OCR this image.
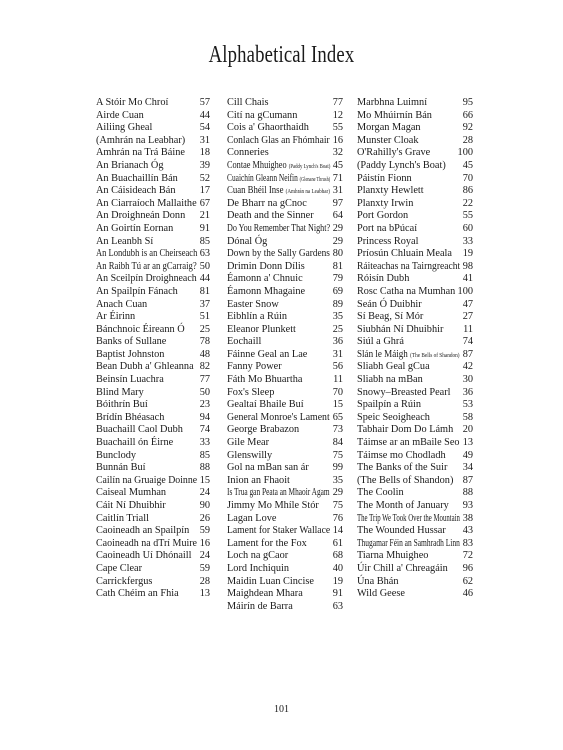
Alphabetical Index
A Stóir Mo Chroí	57
Airde Cuan	44
Ailiing Gheal	54
(Amhrán na Leabhar) 31
Amhrán na Trá Báine 18
An Brianach Óg	39
An Buachaillín Bán 52
An Cáisideach Bán 17
An Ciarraíoch Mallaithe 67
An Droighneán Donn 21
An Goirtín Eornan	91
An Leanbh Sí	85
An Londubh is an Cheirseach 63
An Raibh Tú ar an gCarraig? 50
An Sceilpín Droighneach 44
An Spailpín Fánach 81
Anach Cuan	37
Ar Éirinn	51
Bánchnoic Éireann Ó 25
Banks of Sullane	78
Baptist Johnston	48
Bean Dubh a' Ghleanna 82
Beinsín Luachra	77
Blind Mary	50
Bóithrín Buí	23
Brídín Bhéasach	94
Buachaill Caol Dubh 74
Buachaill ón Éirne	33
Bunclody	85
Bunnán Buí	88
Cailín na Gruaige Doinne 15
Caiseal Mumhan	24
Cáit Ní Dhuibhir	90
Caitlín Triall	26
Caoineadh an Spailpín 59
Caoineadh na dTrí Muire 16
Caoineadh Uí Dhónaill 24
Cape Clear	59
Carrickfergus	28
Cath Chéim an Fhia 13
Cill Chais	77
Cití na gCumann	12
Cois a' Ghaorthaidh 55
Conlach Glas an Fhómhair 16
Conneries	32
Contae Mhuigheo (Paddy Lynch's Boat) 45
Cuaichín Gleann Neifin (Glenane Thrush) 71
Cuan Bhéil Inse (Amhrán na Leabhar) 31
De Bharr na gCnoc	97
Death and the Sinner 64
Do You Remember That Night? 29
Dónal Óg	29
Down by the Sally Gardens 80
Drimin Donn Dílis	81
Éamonn a' Chnuic	79
Éamonn Mhagaine	69
Easter Snow	89
Eibhlín a Rúin	35
Eleanor Plunkett	25
Eochaill	36
Fáinne Geal an Lae 31
Fanny Power	56
Fáth Mo Bhuartha	11
Fox's Sleep	70
Gealtaí Bhaile Buí	15
General Monroe's Lament 65
George Brabazon	73
Gile Mear	84
Glenswilly	75
Gol na mBan san ár 99
Inion an Fhaoit	35
Is Trua gan Peata an Mhaoir Agam 29
Jimmy Mo Mhíle Stór 75
Lagan Love	76
Lament for Staker Wallace 14
Lament for the Fox	61
Loch na gCaor	68
Lord Inchiquin	40
Maidin Luan Cincise 19
Maighdean Mhara	91
Máirín de Barra	63
Marbhna Luimní	95
Mo Mhúirnín Bán	66
Morgan Magan	92
Munster Cloak	28
O'Rahilly's Grave	100
(Paddy Lynch's Boat) 45
Páistín Fionn	70
Planxty Hewlett	86
Planxty Irwin	22
Port Gordon	55
Port na bPúcaí	60
Princess Royal	33
Príosún Chluain Meala 19
Ráiteachas na Tairngreacht 98
Róisín Dubh	41
Rosc Catha na Mumhan 100
Seán Ó Duibhir	47
Sí Beag, Sí Mór	27
Siubhán Ní Dhuibhir 11
Siúl a Ghrá	74
Slán le Máigh (The Bells of Shandon) 87
Sliabh Geal gCua	42
Sliabh na mBan	30
Snowy–Breasted Pearl 36
Spailpín a Rúin	53
Speic Seoigheach	58
Tabhair Dom Do Lámh 20
Táimse ar an mBaile Seo 13
Táimse mo Chodladh 49
The Banks of the Suir 34
(The Bells of Shandon) 87
The Coolin	88
The Month of January 93
The Trip We Took Over the Mountain 38
The Wounded Hussar 43
Thugamar Féin an Samhradh Linn 83
Tiarna Mhuigheo	72
Úir Chill a' Chreagáin 96
Úna Bhán	62
Wild Geese	46
101
